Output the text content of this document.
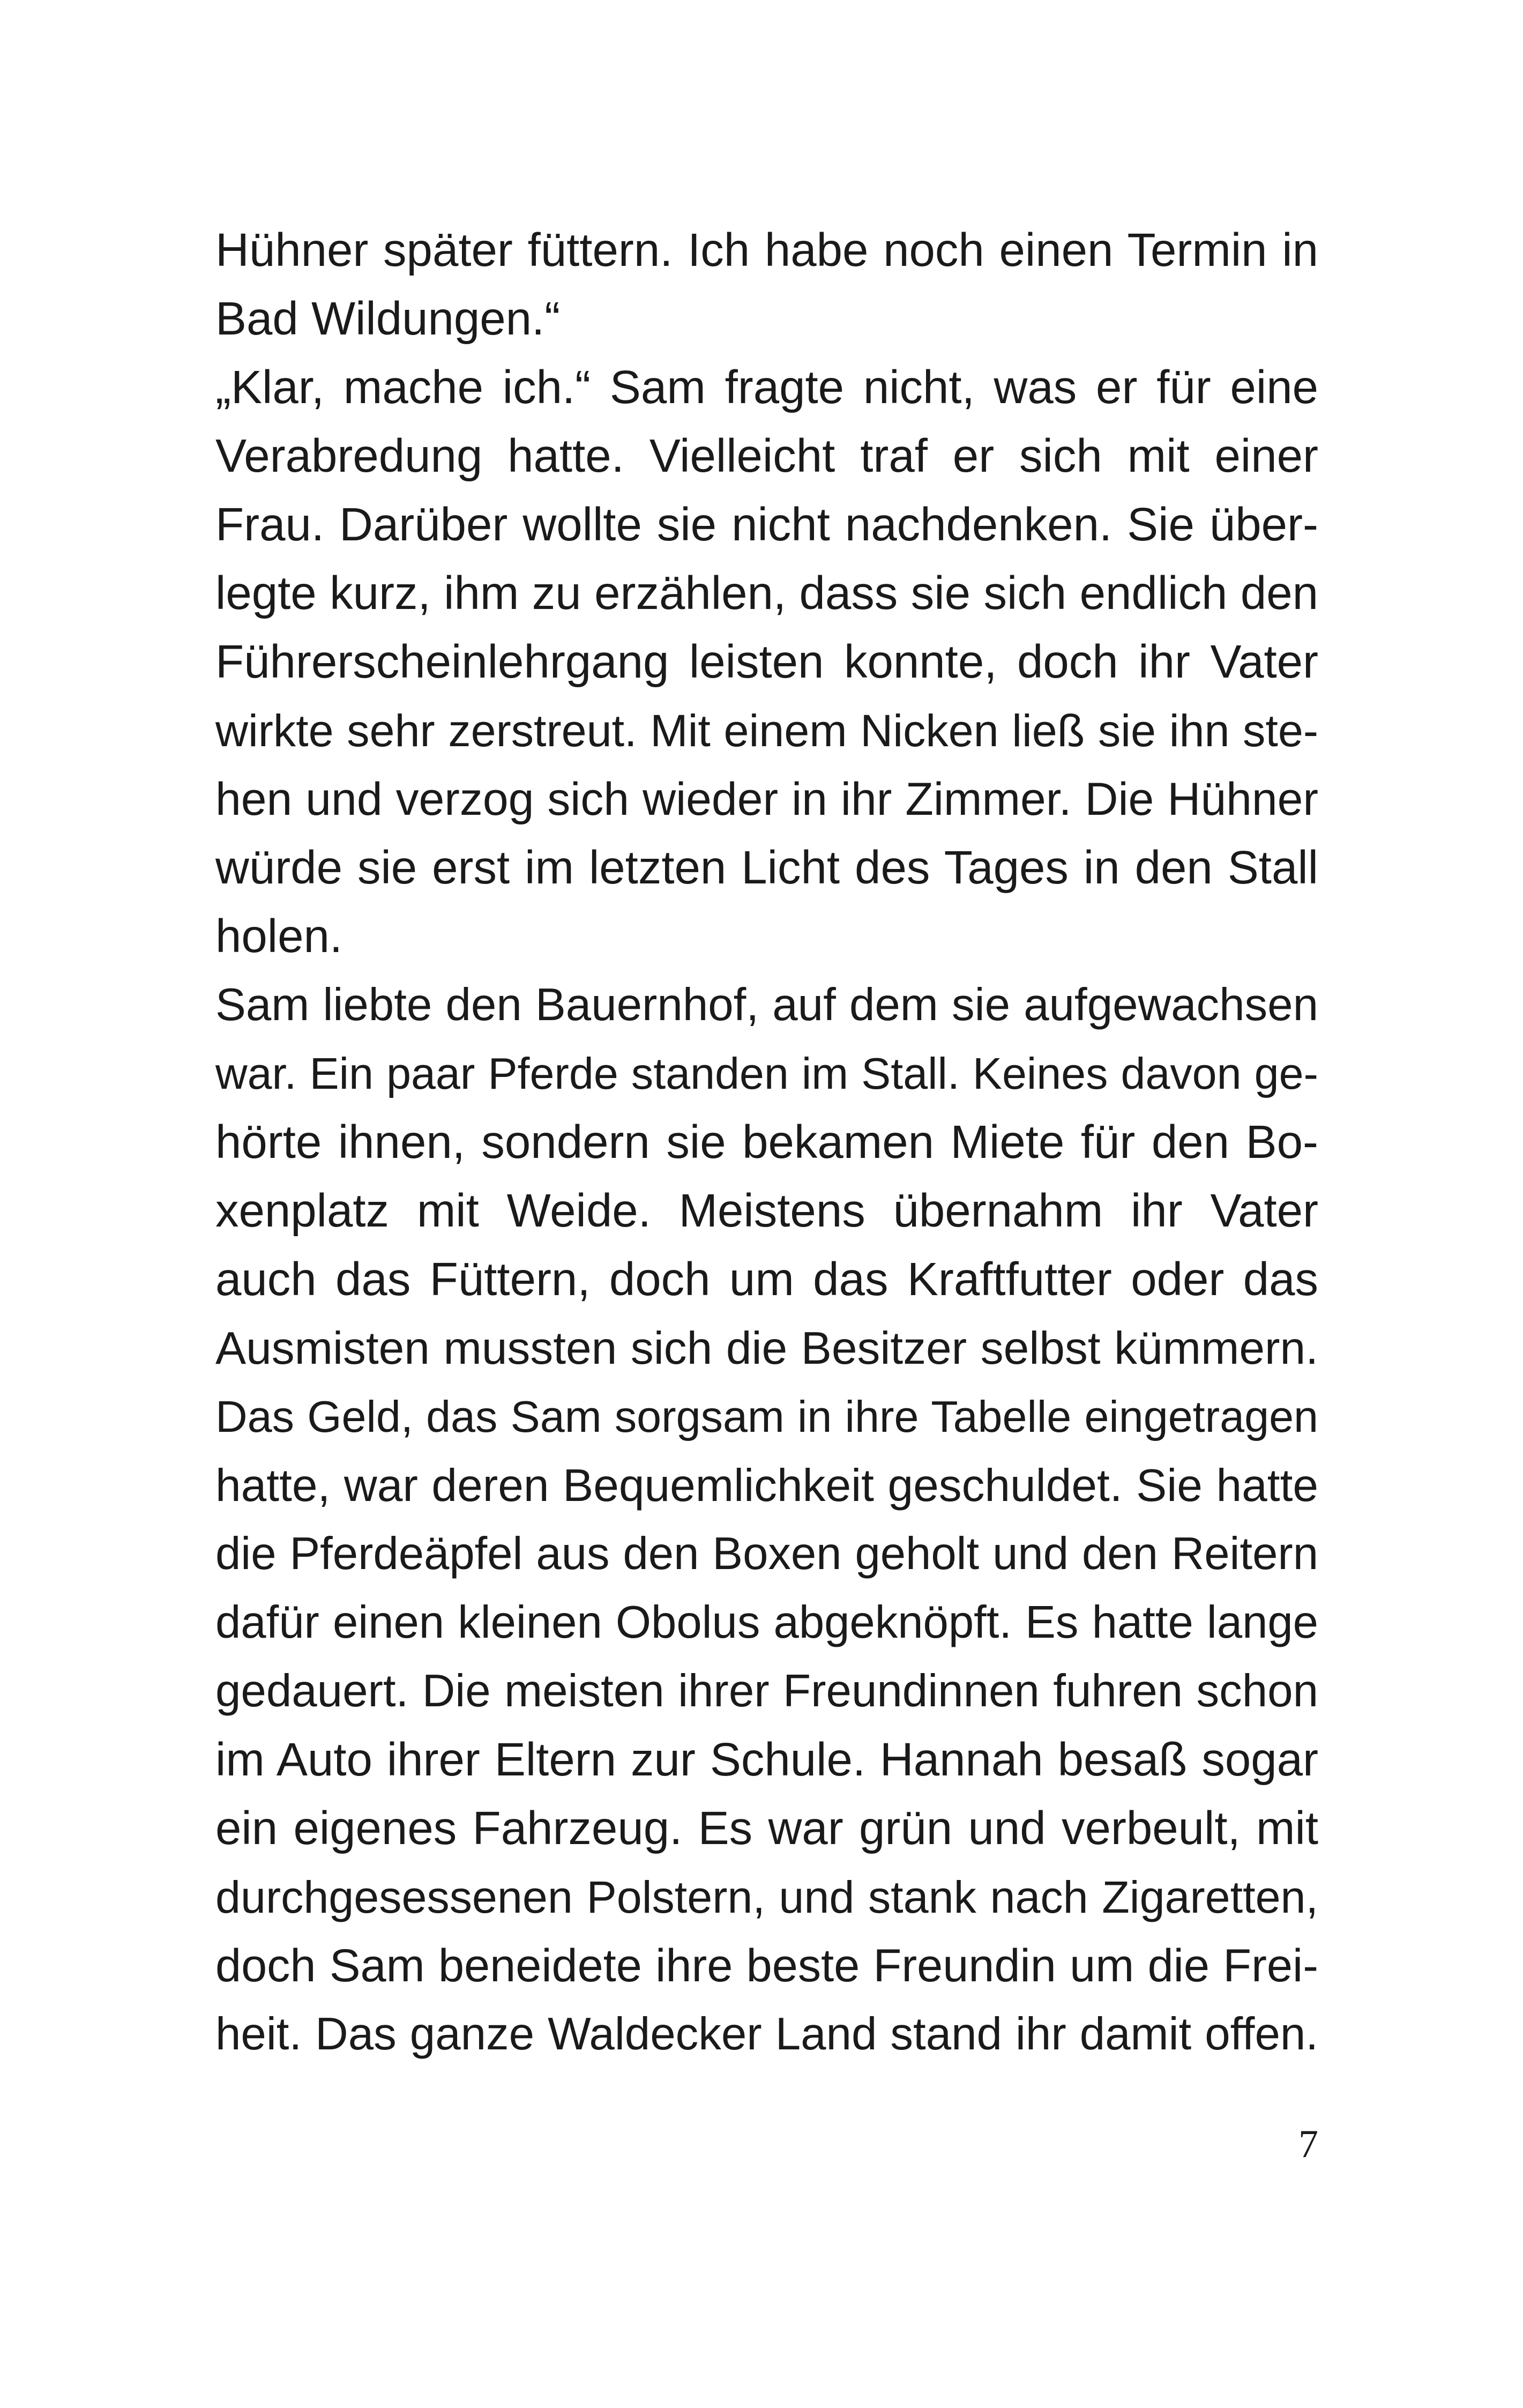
Hühner später füttern. Ich habe noch einen Termin in
Bad Wildungen.“
„Klar, mache ich.“ Sam fragte nicht, was er für eine
Verabredung hatte. Vielleicht traf er sich mit einer
Frau. Darüber wollte sie nicht nachdenken. Sie über-
legte kurz, ihm zu erzählen, dass sie sich endlich den
Führerscheinlehrgang leisten konnte, doch ihr Vater
wirkte sehr zerstreut. Mit einem Nicken ließ sie ihn ste-
hen und verzog sich wieder in ihr Zimmer. Die Hühner
würde sie erst im letzten Licht des Tages in den Stall
holen.
Sam liebte den Bauernhof, auf dem sie aufgewachsen
war. Ein paar Pferde standen im Stall. Keines davon ge-
hörte ihnen, sondern sie bekamen Miete für den Bo-
xenplatz mit Weide. Meistens übernahm ihr Vater
auch das Füttern, doch um das Kraftfutter oder das
Ausmisten mussten sich die Besitzer selbst kümmern.
Das Geld, das Sam sorgsam in ihre Tabelle eingetragen
hatte, war deren Bequemlichkeit geschuldet. Sie hatte
die Pferdeäpfel aus den Boxen geholt und den Reitern
dafür einen kleinen Obolus abgeknöpft. Es hatte lange
gedauert. Die meisten ihrer Freundinnen fuhren schon
im Auto ihrer Eltern zur Schule. Hannah besaß sogar
ein eigenes Fahrzeug. Es war grün und verbeult, mit
durchgesessenen Polstern, und stank nach Zigaretten,
doch Sam beneidete ihre beste Freundin um die Frei-
heit. Das ganze Waldecker Land stand ihr damit offen.
7
